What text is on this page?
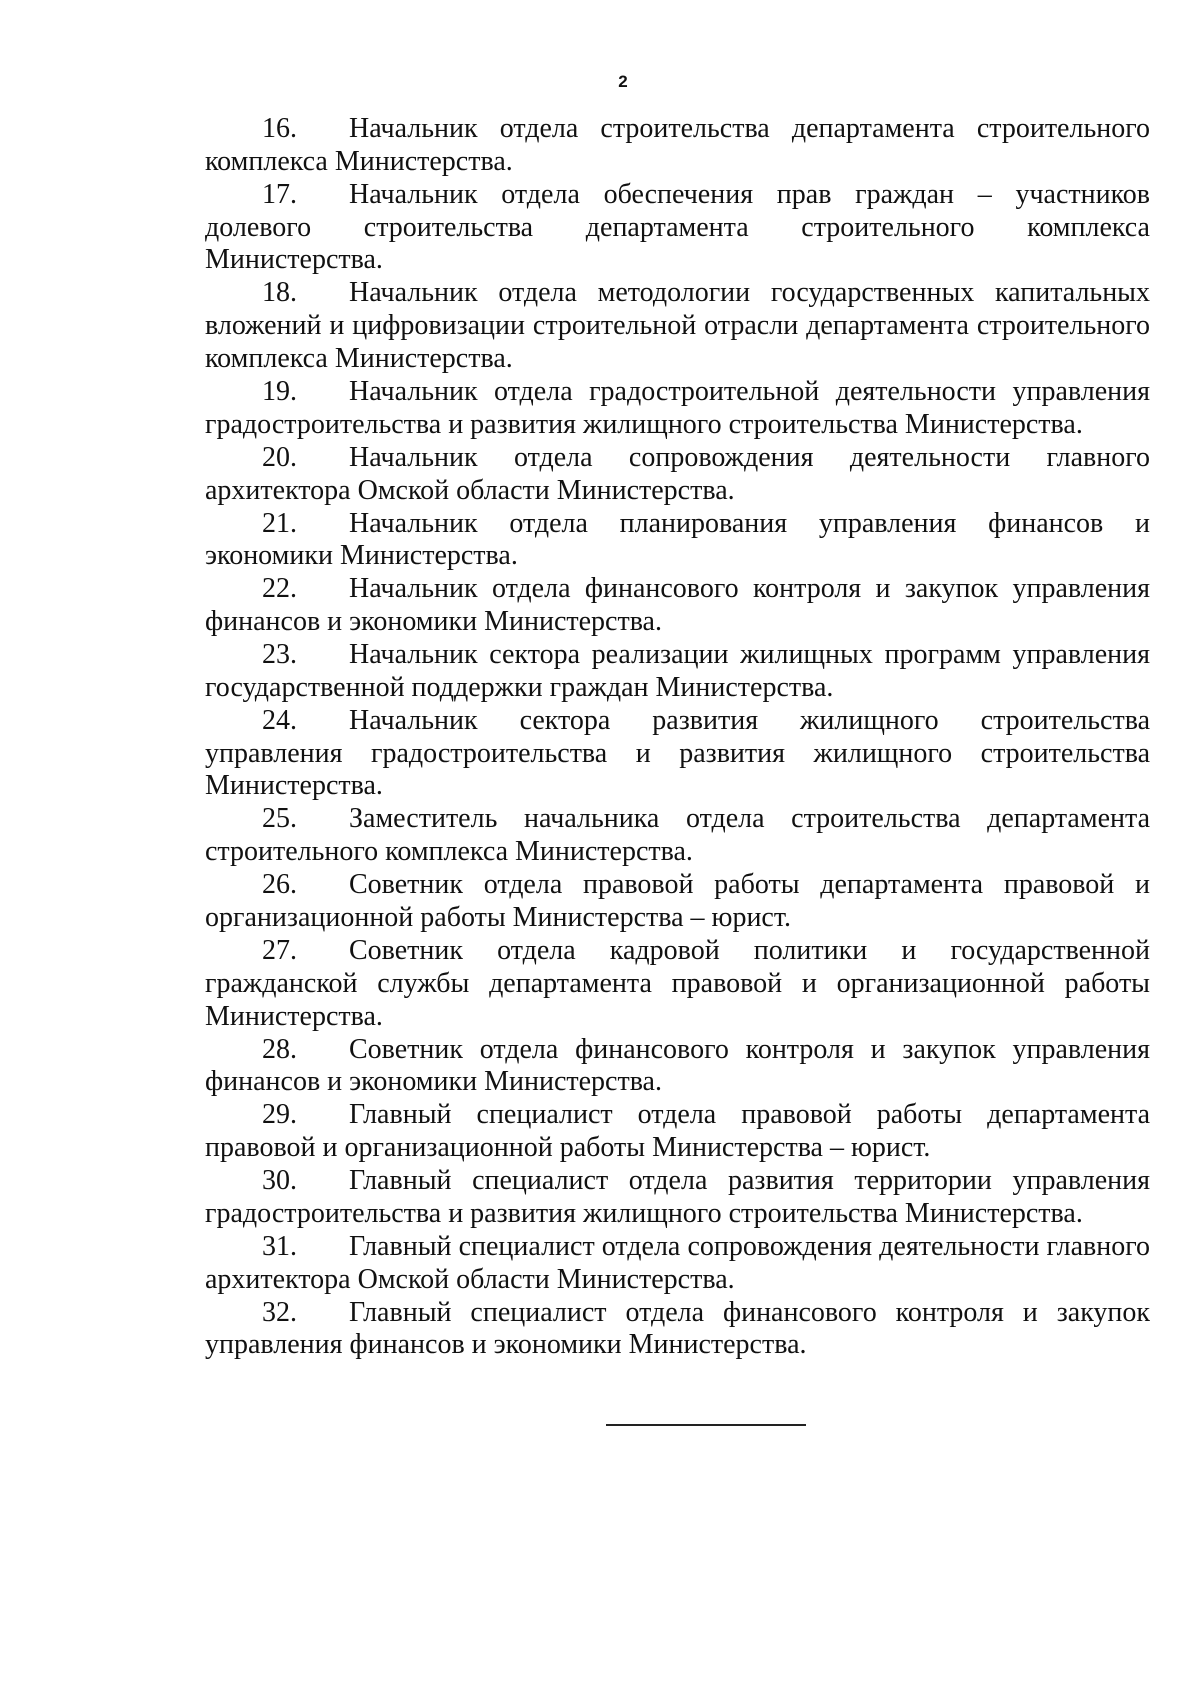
2

16. Начальник отдела строительства департамента строительного комплекса Министерства.

17. Начальник отдела обеспечения прав граждан – участников долевого строительства департамента строительного комплекса Министерства.

18. Начальник отдела методологии государственных капитальных вложений и цифровизации строительной отрасли департамента строительного комплекса Министерства.

19. Начальник отдела градостроительной деятельности управления градостроительства и развития жилищного строительства Министерства.

20. Начальник отдела сопровождения деятельности главного архитектора Омской области Министерства.

21. Начальник отдела планирования управления финансов и экономики Министерства.

22. Начальник отдела финансового контроля и закупок управления финансов и экономики Министерства.

23. Начальник сектора реализации жилищных программ управления государственной поддержки граждан Министерства.

24. Начальник сектора развития жилищного строительства управления градостроительства и развития жилищного строительства Министерства.

25. Заместитель начальника отдела строительства департамента строительного комплекса Министерства.

26. Советник отдела правовой работы департамента правовой и организационной работы Министерства – юрист.

27. Советник отдела кадровой политики и государственной гражданской службы департамента правовой и организационной работы Министерства.

28. Советник отдела финансового контроля и закупок управления финансов и экономики Министерства.

29. Главный специалист отдела правовой работы департамента правовой и организационной работы Министерства – юрист.

30. Главный специалист отдела развития территории управления градостроительства и развития жилищного строительства Министерства.

31. Главный специалист отдела сопровождения деятельности главного архитектора Омской области Министерства.

32. Главный специалист отдела финансового контроля и закупок управления финансов и экономики Министерства.
